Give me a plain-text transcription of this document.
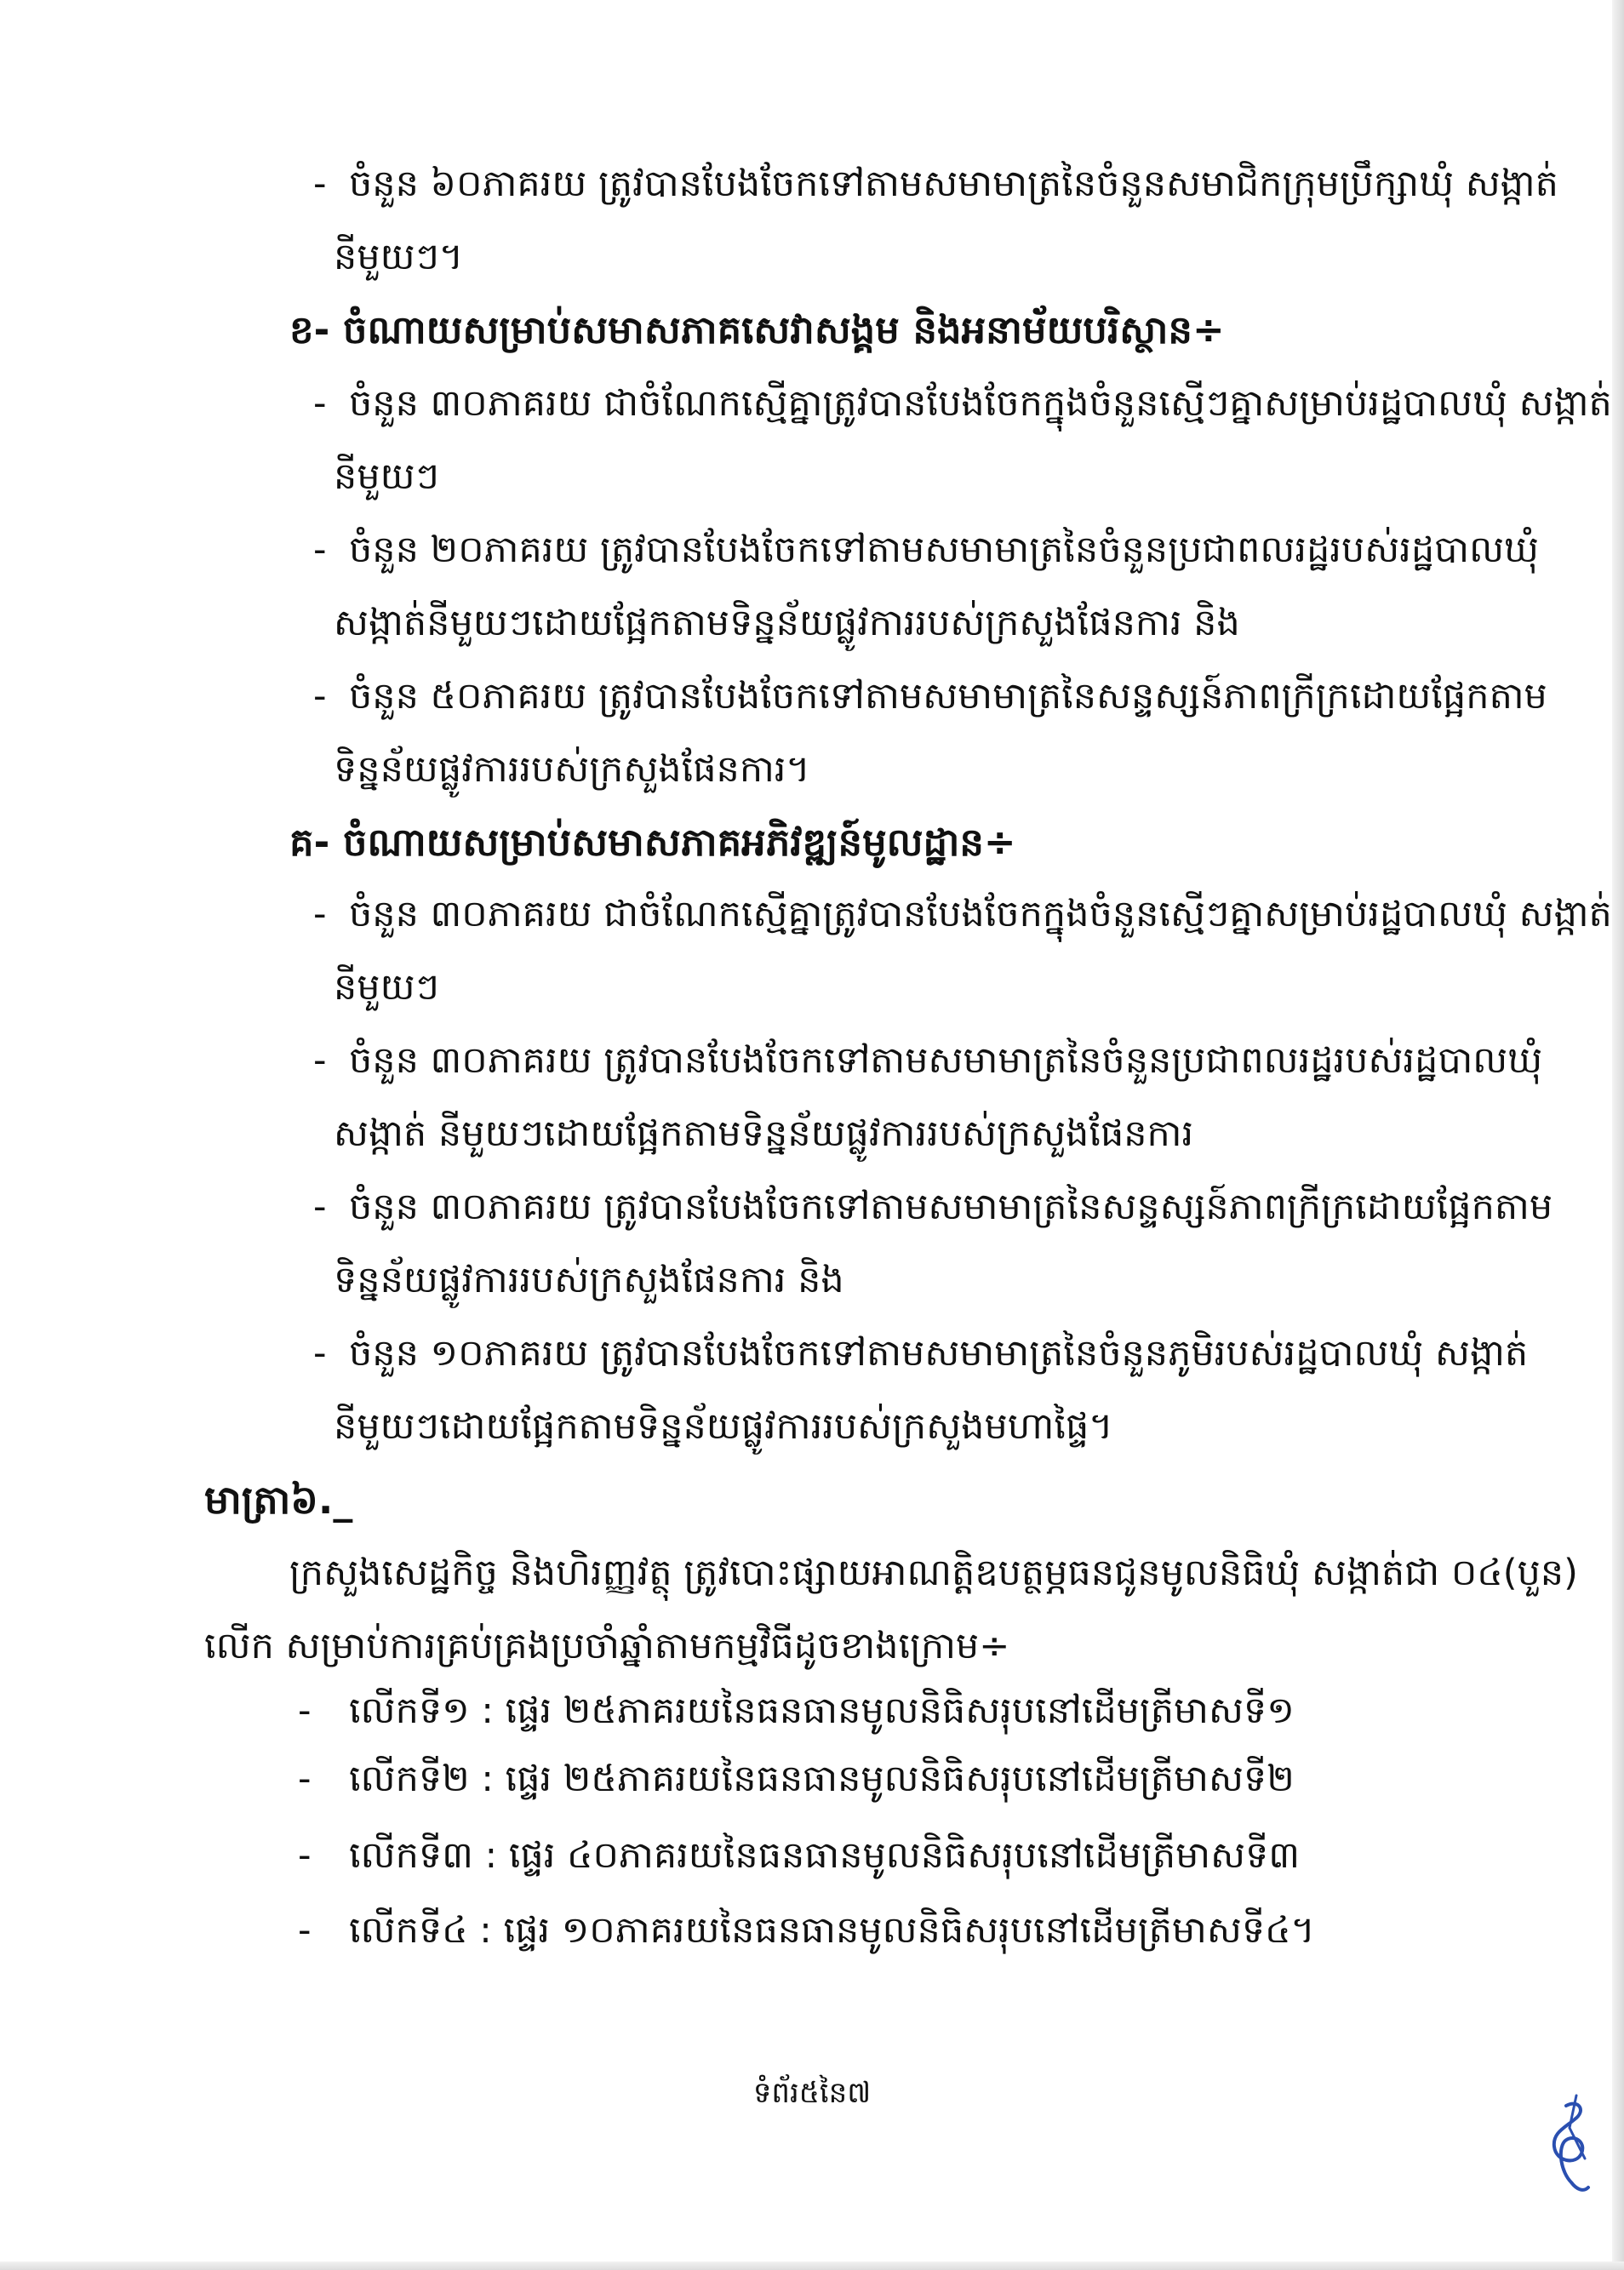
- ចំនួន ៦០ភាគរយ ត្រូវបានបែងចែកទៅតាមសមាមាត្រនៃចំនួនសមាជិកក្រុមប្រឹក្សាឃុំ សង្កាត់
នីមួយៗ។
ខ- ចំណាយសម្រាប់សមាសភាគសេវាសង្គម និងអនាម័យបរិស្ថាន÷
- ចំនួន ៣០ភាគរយ ជាចំណែកស្មើគ្នាត្រូវបានបែងចែកក្នុងចំនួនស្មើៗគ្នាសម្រាប់រដ្ឋបាលឃុំ សង្កាត់
នីមួយៗ
- ចំនួន ២០ភាគរយ ត្រូវបានបែងចែកទៅតាមសមាមាត្រនៃចំនួនប្រជាពលរដ្ឋរបស់រដ្ឋបាលឃុំ
សង្កាត់នីមួយៗដោយផ្អែកតាមទិន្នន័យផ្លូវការរបស់ក្រសួងផែនការ និង
- ចំនួន ៥០ភាគរយ ត្រូវបានបែងចែកទៅតាមសមាមាត្រនៃសន្ទស្សន៍ភាពក្រីក្រដោយផ្អែកតាម
ទិន្នន័យផ្លូវការរបស់ក្រសួងផែនការ។
គ- ចំណាយសម្រាប់សមាសភាគអភិវឌ្ឍន៍មូលដ្ឋាន÷
- ចំនួន ៣០ភាគរយ ជាចំណែកស្មើគ្នាត្រូវបានបែងចែកក្នុងចំនួនស្មើៗគ្នាសម្រាប់រដ្ឋបាលឃុំ សង្កាត់
នីមួយៗ
- ចំនួន ៣០ភាគរយ ត្រូវបានបែងចែកទៅតាមសមាមាត្រនៃចំនួនប្រជាពលរដ្ឋរបស់រដ្ឋបាលឃុំ
សង្កាត់ នីមួយៗដោយផ្អែកតាមទិន្នន័យផ្លូវការរបស់ក្រសួងផែនការ
- ចំនួន ៣០ភាគរយ ត្រូវបានបែងចែកទៅតាមសមាមាត្រនៃសន្ទស្សន៍ភាពក្រីក្រដោយផ្អែកតាម
ទិន្នន័យផ្លូវការរបស់ក្រសួងផែនការ និង
- ចំនួន ១០ភាគរយ ត្រូវបានបែងចែកទៅតាមសមាមាត្រនៃចំនួនភូមិរបស់រដ្ឋបាលឃុំ សង្កាត់
នីមួយៗដោយផ្អែកតាមទិន្នន័យផ្លូវការរបស់ក្រសួងមហាផ្ទៃ។
មាត្រា៦._
ក្រសួងសេដ្ឋកិច្ច និងហិរញ្ញវត្ថុ ត្រូវបោះផ្សាយអាណត្តិឧបត្ថម្ភធនជូនមូលនិធិឃុំ សង្កាត់ជា ០៤(បួន)
លើក សម្រាប់ការគ្រប់គ្រងប្រចាំឆ្នាំតាមកម្មវិធីដូចខាងក្រោម÷
- លើកទី១ : ផ្ទេរ ២៥ភាគរយនៃធនធានមូលនិធិសរុបនៅដើមត្រីមាសទី១
- លើកទី២ : ផ្ទេរ ២៥ភាគរយនៃធនធានមូលនិធិសរុបនៅដើមត្រីមាសទី២
- លើកទី៣ : ផ្ទេរ ៤០ភាគរយនៃធនធានមូលនិធិសរុបនៅដើមត្រីមាសទី៣
- លើកទី៤ : ផ្ទេរ ១០ភាគរយនៃធនធានមូលនិធិសរុបនៅដើមត្រីមាសទី៤។
ទំព័រ៥នៃ៧
